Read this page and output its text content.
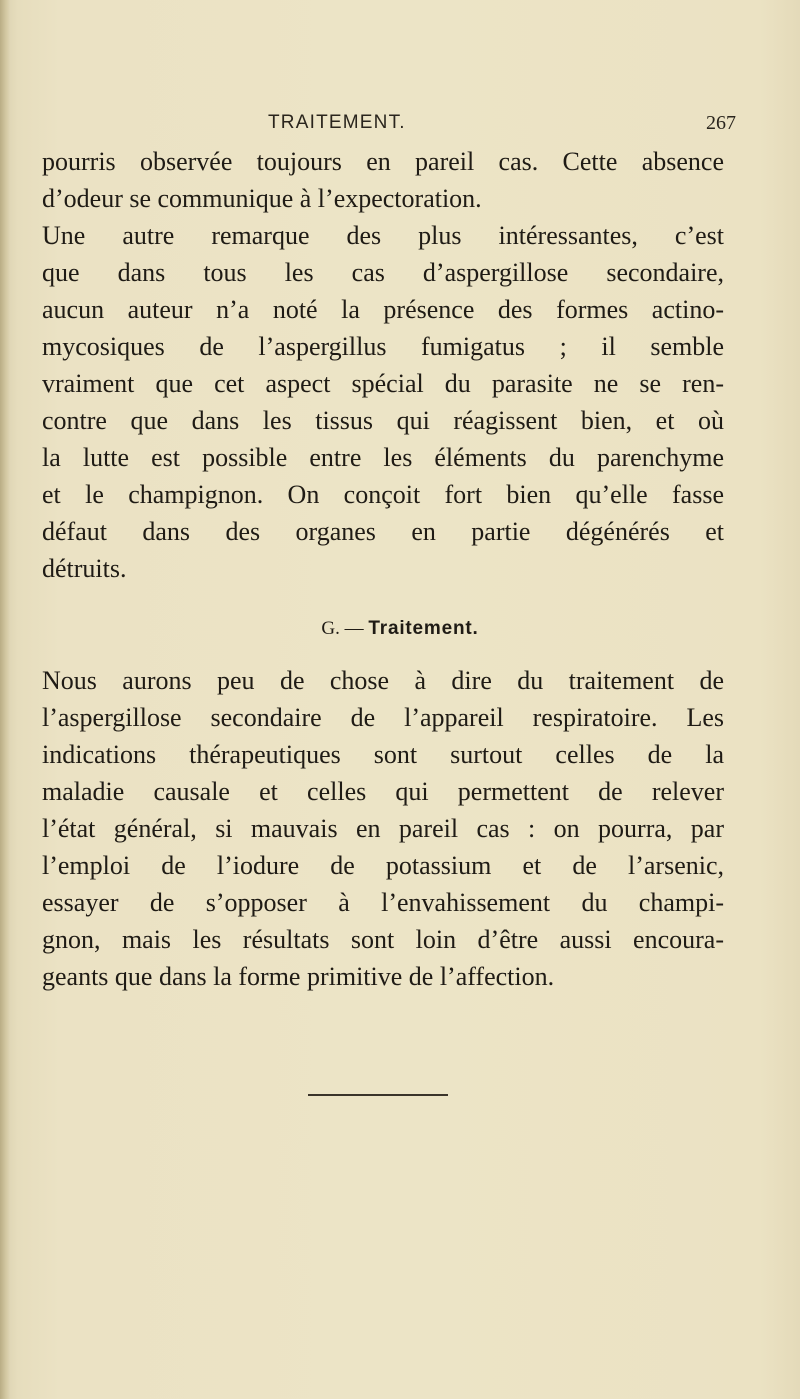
TRAITEMENT.	267
pourris observée toujours en pareil cas. Cette absence
d’odeur se communique à l’expectoration.
Une autre remarque des plus intéressantes, c’est
que dans tous les cas d’aspergillose secondaire,
aucun auteur n’a noté la présence des formes actino-
mycosiques de l’aspergillus fumigatus ; il semble
vraiment que cet aspect spécial du parasite ne se ren-
contre que dans les tissus qui réagissent bien, et où
la lutte est possible entre les éléments du parenchyme
et le champignon. On conçoit fort bien qu’elle fasse
défaut dans des organes en partie dégénérés et
détruits.
G. — Traitement.
Nous aurons peu de chose à dire du traitement de
l’aspergillose secondaire de l’appareil respiratoire. Les
indications thérapeutiques sont surtout celles de la
maladie causale et celles qui permettent de relever
l’état général, si mauvais en pareil cas : on pourra, par
l’emploi de l’iodure de potassium et de l’arsenic,
essayer de s’opposer à l’envahissement du champi-
gnon, mais les résultats sont loin d’être aussi encoura-
geants que dans la forme primitive de l’affection.
